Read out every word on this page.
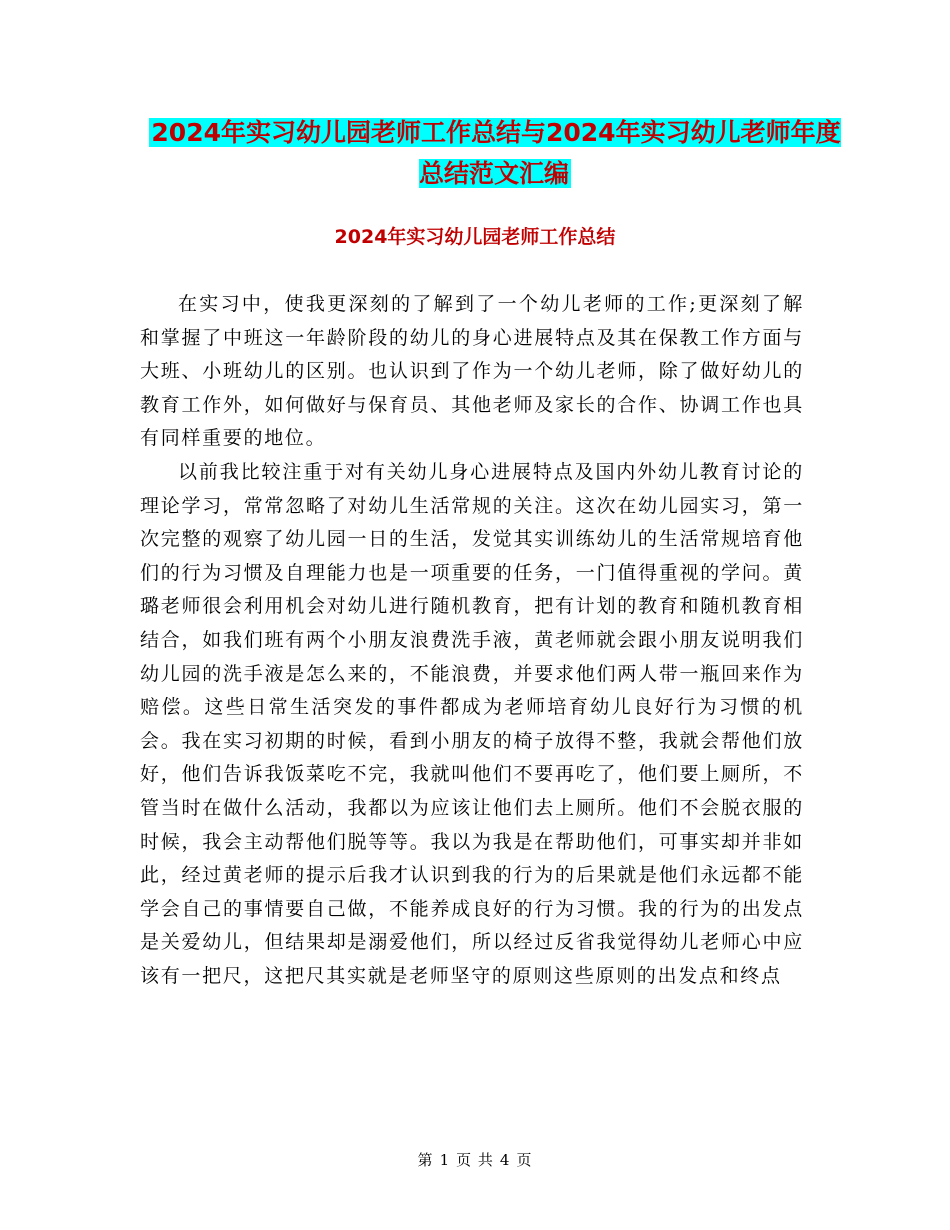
2024年实习幼儿园老师工作总结与2024年实习幼儿老师年度总结范文汇编
2024年实习幼儿园老师工作总结

在实习中，使我更深刻的了解到了一个幼儿老师的工作;更深刻了解和掌握了中班这一年龄阶段的幼儿的身心进展特点及其在保教工作方面与大班、小班幼儿的区别。也认识到了作为一个幼儿老师，除了做好幼儿的教育工作外，如何做好与保育员、其他老师及家长的合作、协调工作也具有同样重要的地位。

以前我比较注重于对有关幼儿身心进展特点及国内外幼儿教育讨论的理论学习，常常忽略了对幼儿生活常规的关注。这次在幼儿园实习，第一次完整的观察了幼儿园一日的生活，发觉其实训练幼儿的生活常规培育他们的行为习惯及自理能力也是一项重要的任务，一门值得重视的学问。黄璐老师很会利用机会对幼儿进行随机教育，把有计划的教育和随机教育相结合，如我们班有两个小朋友浪费洗手液，黄老师就会跟小朋友说明我们幼儿园的洗手液是怎么来的，不能浪费，并要求他们两人带一瓶回来作为赔偿。这些日常生活突发的事件都成为老师培育幼儿良好行为习惯的机会。我在实习初期的时候，看到小朋友的椅子放得不整，我就会帮他们放好，他们告诉我饭菜吃不完，我就叫他们不要再吃了，他们要上厕所，不管当时在做什么活动，我都以为应该让他们去上厕所。他们不会脱衣服的时候，我会主动帮他们脱等等。我以为我是在帮助他们，可事实却并非如此，经过黄老师的提示后我才认识到我的行为的后果就是他们永远都不能学会自己的事情要自己做，不能养成良好的行为习惯。我的行为的出发点是关爱幼儿，但结果却是溺爱他们，所以经过反省我觉得幼儿老师心中应该有一把尺，这把尺其实就是老师坚守的原则这些原则的出发点和终点

第 1 页 共 4 页
